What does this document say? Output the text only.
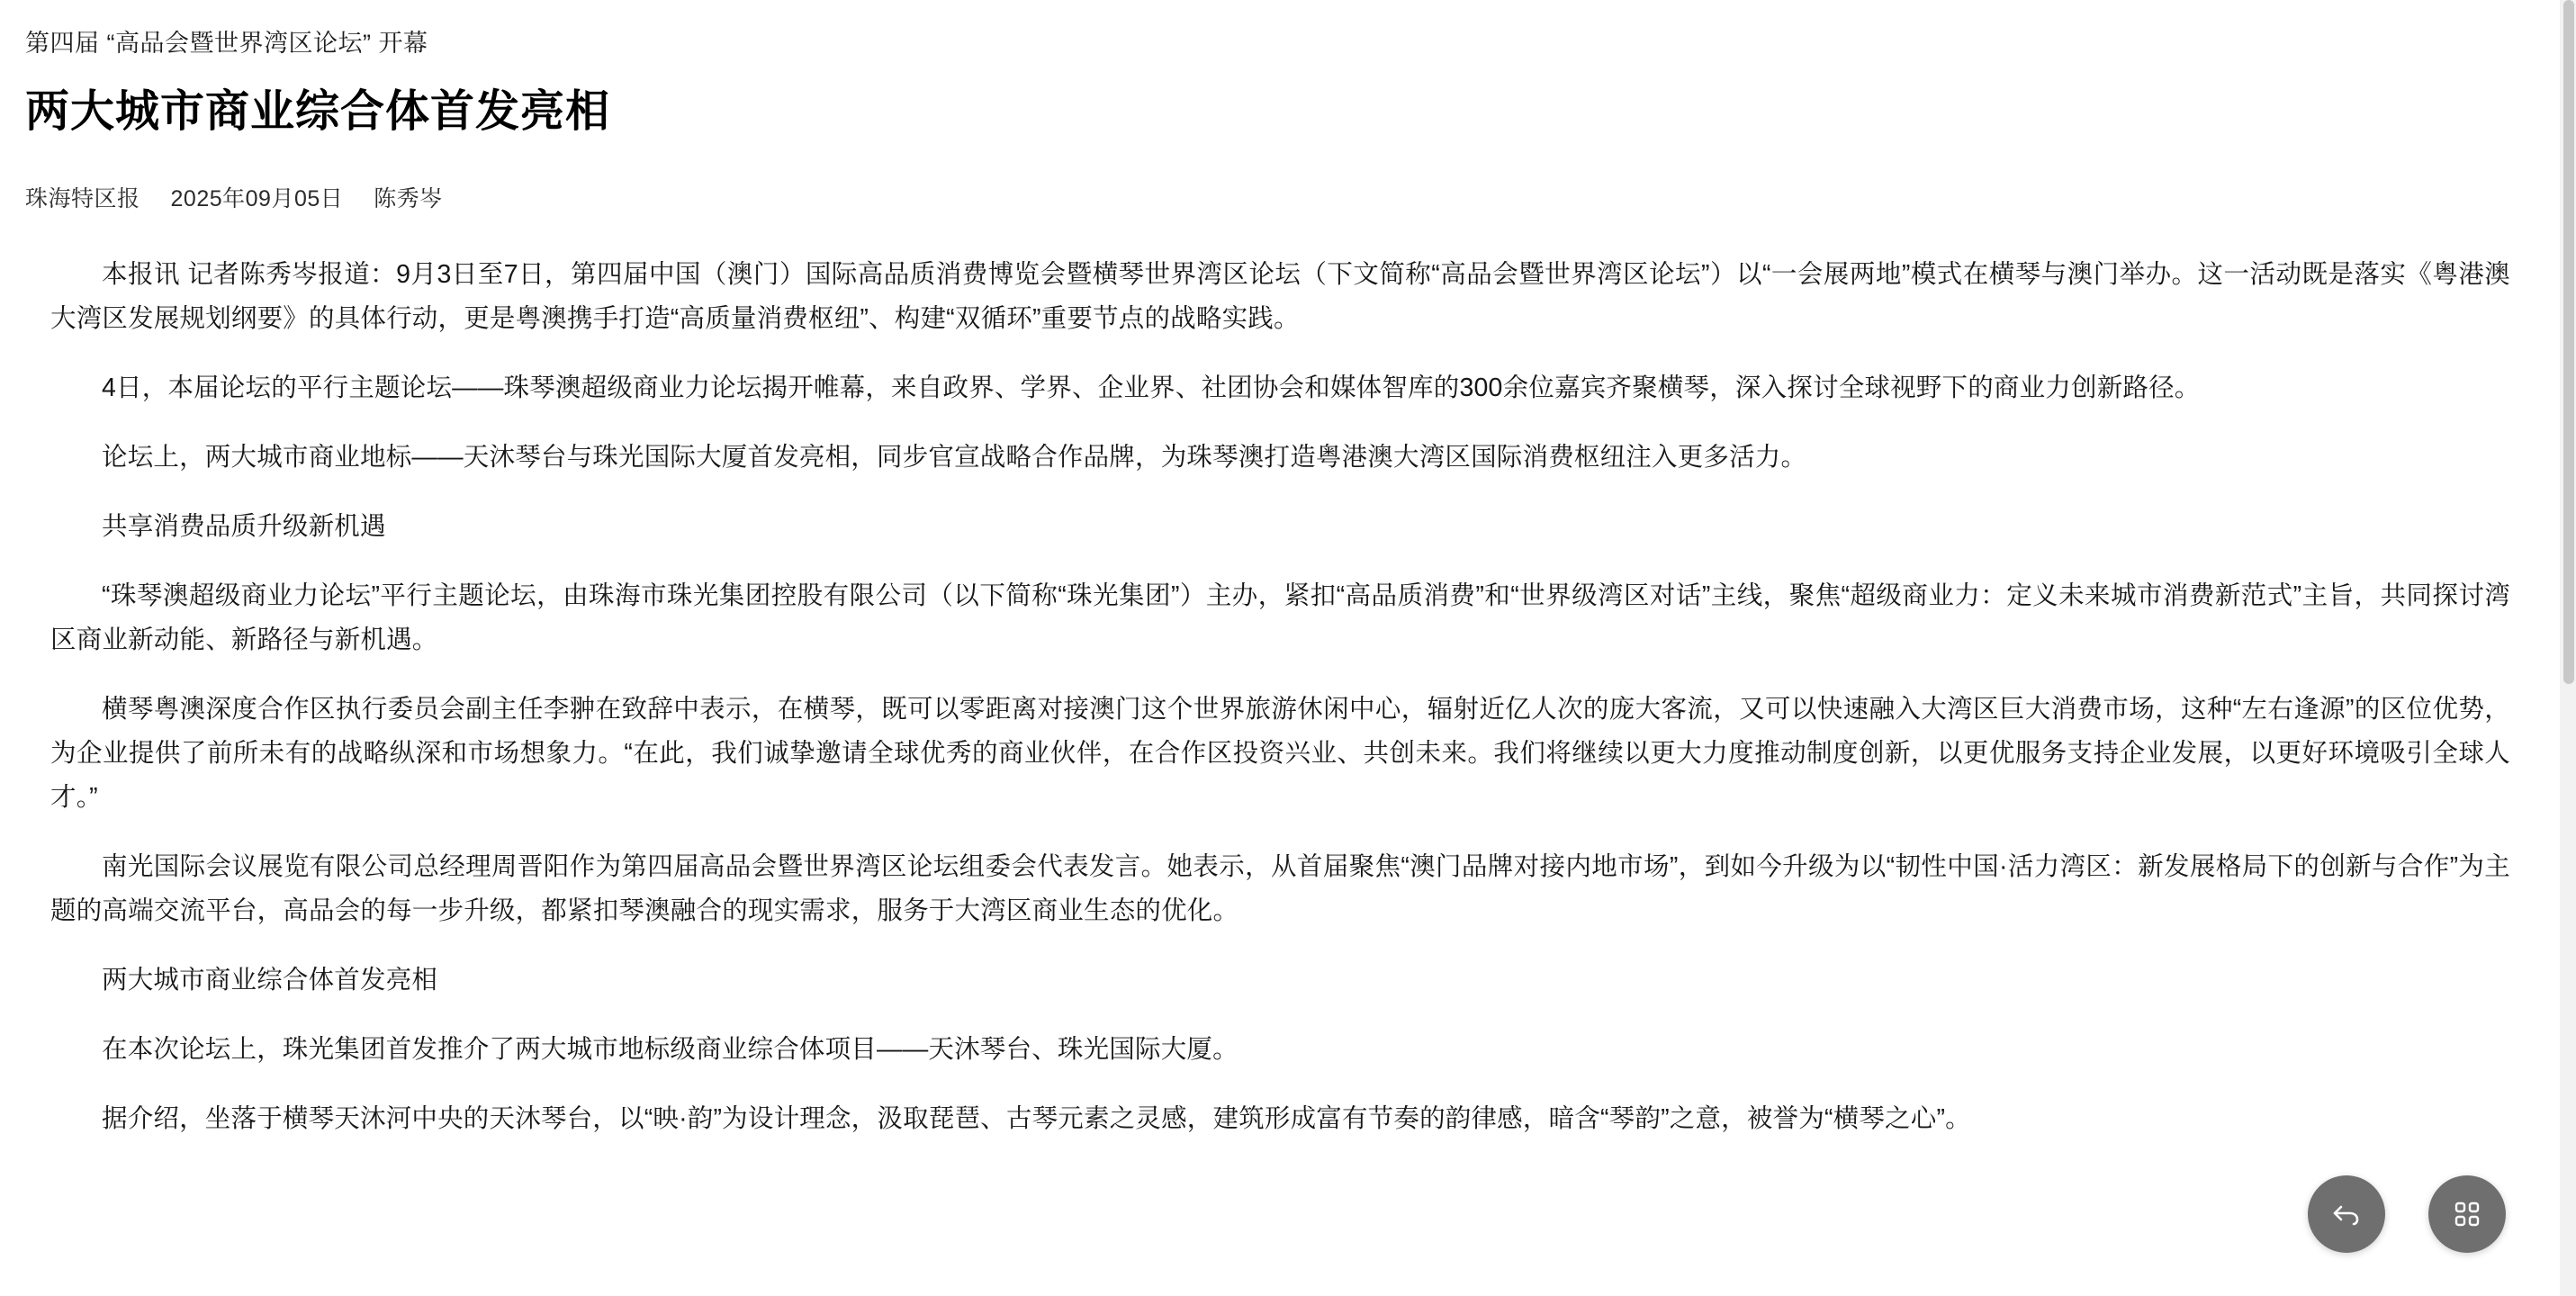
第四届 “高品会暨世界湾区论坛” 开幕
两大城市商业综合体首发亮相
珠海特区报 2025年09月05日 陈秀岑

本报讯 记者陈秀岑报道：9月3日至7日，第四届中国（澳门）国际高品质消费博览会暨横琴世界湾区论坛（下文简称“高品会暨世界湾区论坛”）以“一会展两地”模式在横琴与澳门举办。这一活动既是落实《粤港澳大湾区发展规划纲要》的具体行动，更是粤澳携手打造“高质量消费枢纽”、构建“双循环”重要节点的战略实践。

4日，本届论坛的平行主题论坛——珠琴澳超级商业力论坛揭开帷幕，来自政界、学界、企业界、社团协会和媒体智库的300余位嘉宾齐聚横琴，深入探讨全球视野下的商业力创新路径。

论坛上，两大城市商业地标——天沐琴台与珠光国际大厦首发亮相，同步官宣战略合作品牌，为珠琴澳打造粤港澳大湾区国际消费枢纽注入更多活力。

共享消费品质升级新机遇

“珠琴澳超级商业力论坛”平行主题论坛，由珠海市珠光集团控股有限公司（以下简称“珠光集团”）主办，紧扣“高品质消费”和“世界级湾区对话”主线，聚焦“超级商业力：定义未来城市消费新范式”主旨，共同探讨湾区商业新动能、新路径与新机遇。

横琴粤澳深度合作区执行委员会副主任李翀在致辞中表示，在横琴，既可以零距离对接澳门这个世界旅游休闲中心，辐射近亿人次的庞大客流，又可以快速融入大湾区巨大消费市场，这种“左右逢源”的区位优势，为企业提供了前所未有的战略纵深和市场想象力。“在此，我们诚挚邀请全球优秀的商业伙伴，在合作区投资兴业、共创未来。我们将继续以更大力度推动制度创新，以更优服务支持企业发展，以更好环境吸引全球人才。”

南光国际会议展览有限公司总经理周晋阳作为第四届高品会暨世界湾区论坛组委会代表发言。她表示，从首届聚焦“澳门品牌对接内地市场”，到如今升级为以“韧性中国·活力湾区：新发展格局下的创新与合作”为主题的高端交流平台，高品会的每一步升级，都紧扣琴澳融合的现实需求，服务于大湾区商业生态的优化。

两大城市商业综合体首发亮相

在本次论坛上，珠光集团首发推介了两大城市地标级商业综合体项目——天沐琴台、珠光国际大厦。

据介绍，坐落于横琴天沐河中央的天沐琴台，以“映·韵”为设计理念，汲取琵琶、古琴元素之灵感，建筑形成富有节奏的韵律感，暗含“琴韵”之意，被誉为“横琴之心”。
